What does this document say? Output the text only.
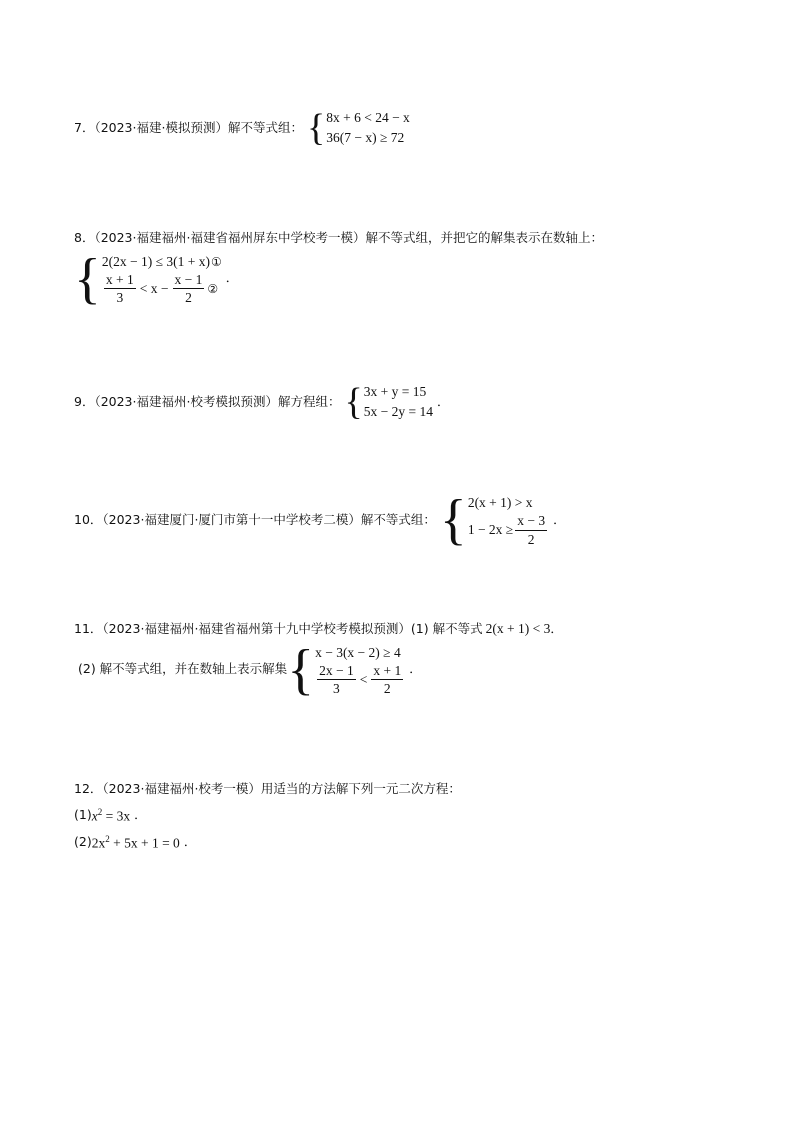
7．（2023·福建·模拟预测）解不等式组： { 8x + 6 < 24 − x
36(7 − x) ≥ 72
8．（2023·福建福州·福建省福州屏东中学校考一模）解不等式组，并把它的解集表示在数轴上：
{ 2(2x − 1) ≤ 3(1 + x) ①
$\frac{x + 1}{3} < x - \frac{x - 1}{2}$ ②
．
9．（2023·福建福州·校考模拟预测）解方程组： { 3x + y = 15
5x − 2y = 14
．
10．（2023·福建厦门·厦门市第十一中学校考二模）解不等式组： { 2(x + 1) > x
$1 - 2x \ge \frac{x - 3}{2}$ ．
11．（2023·福建福州·福建省福州第十九中学校考模拟预测）(1) 解不等式 2(x + 1) < 3 ．
(2) 解不等式组，并在数轴上表示解集 { x − 3(x − 2) ≥ 4
$\frac{2x - 1}{3} < \frac{x + 1}{2}$ ．
12．（2023·福建福州·校考一模）用适当的方法解下列一元二次方程：
(1) $x^2 = 3x$ ．
(2) $2x^2 + 5x + 1 = 0$ ．
